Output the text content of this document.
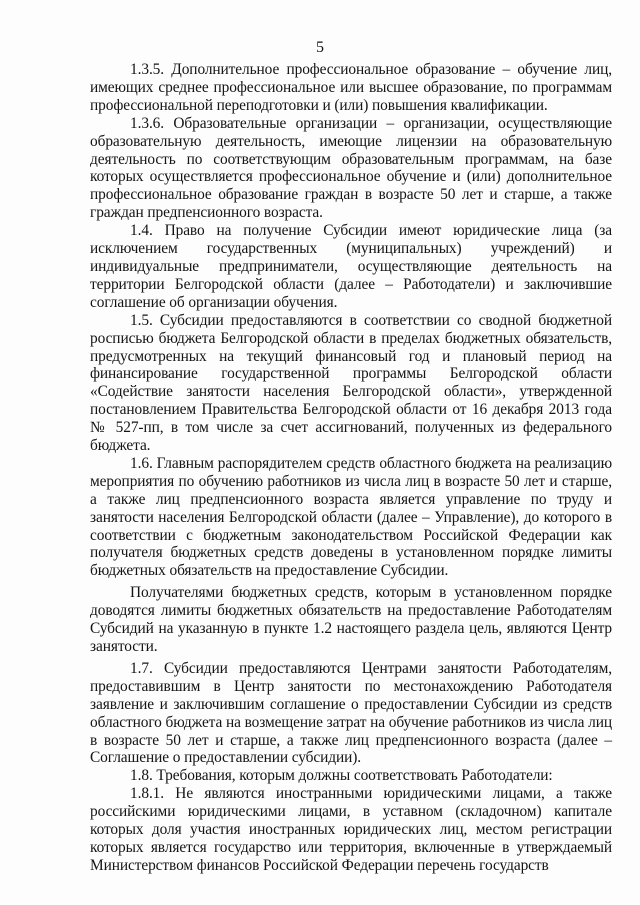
5

1.3.5. Дополнительное профессиональное образование – обучение лиц, имеющих среднее профессиональное или высшее образование, по программам профессиональной переподготовки и (или) повышения квалификации.

1.3.6. Образовательные организации – организации, осуществляющие образовательную деятельность, имеющие лицензии на образовательную деятельность по соответствующим образовательным программам, на базе которых осуществляется профессиональное обучение и (или) дополнительное профессиональное образование граждан в возрасте 50 лет и старше, а также граждан предпенсионного возраста.

1.4. Право на получение Субсидии имеют юридические лица (за исключением государственных (муниципальных) учреждений) и индивидуальные предприниматели, осуществляющие деятельность на территории Белгородской области (далее – Работодатели) и заключившие соглашение об организации обучения.

1.5. Субсидии предоставляются в соответствии со сводной бюджетной росписью бюджета Белгородской области в пределах бюджетных обязательств, предусмотренных на текущий финансовый год и плановый период на финансирование государственной программы Белгородской области «Содействие занятости населения Белгородской области», утвержденной постановлением Правительства Белгородской области от 16 декабря 2013 года № 527-пп, в том числе за счет ассигнований, полученных из федерального бюджета.

1.6. Главным распорядителем средств областного бюджета на реализацию мероприятия по обучению работников из числа лиц в возрасте 50 лет и старше, а также лиц предпенсионного возраста является управление по труду и занятости населения Белгородской области (далее – Управление), до которого в соответствии с бюджетным законодательством Российской Федерации как получателя бюджетных средств доведены в установленном порядке лимиты бюджетных обязательств на предоставление Субсидии.

Получателями бюджетных средств, которым в установленном порядке доводятся лимиты бюджетных обязательств на предоставление Работодателям Субсидий на указанную в пункте 1.2 настоящего раздела цель, являются Центр занятости.

1.7. Субсидии предоставляются Центрами занятости Работодателям, предоставившим в Центр занятости по местонахождению Работодателя заявление и заключившим соглашение о предоставлении Субсидии из средств областного бюджета на возмещение затрат на обучение работников из числа лиц в возрасте 50 лет и старше, а также лиц предпенсионного возраста (далее – Соглашение о предоставлении субсидии).

1.8. Требования, которым должны соответствовать Работодатели:

1.8.1. Не являются иностранными юридическими лицами, а также российскими юридическими лицами, в уставном (складочном) капитале которых доля участия иностранных юридических лиц, местом регистрации которых является государство или территория, включенные в утверждаемый Министерством финансов Российской Федерации перечень государств
